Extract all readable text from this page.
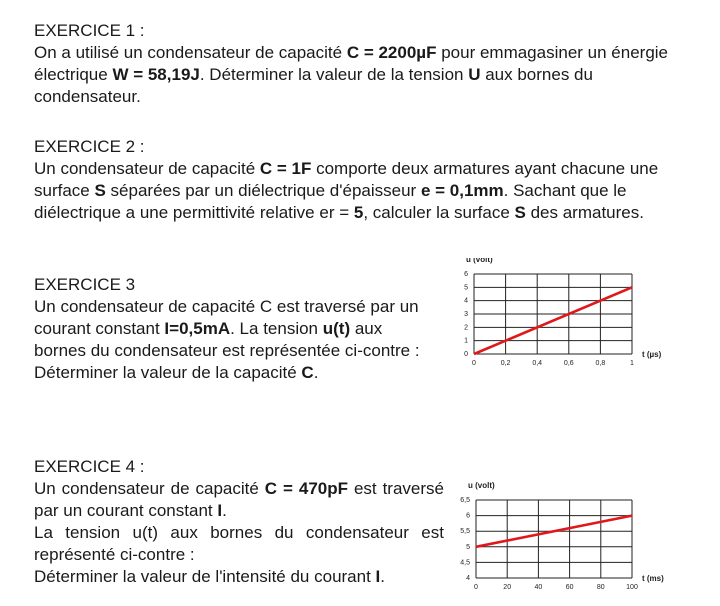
EXERCICE 1 :

On a utilisé un condensateur de capacité C = 2200µF pour emmagasiner un énergie électrique W = 58,19J. Déterminer la valeur de la tension U aux bornes du condensateur.

EXERCICE 2 :

Un condensateur de capacité C = 1F comporte deux armatures ayant chacune une surface S séparées par un diélectrique d'épaisseur e = 0,1mm. Sachant que le diélectrique a une permittivité relative er = 5, calculer la surface S des armatures.

EXERCICE 3

Un condensateur de capacité C est traversé par un courant constant I=0,5mA. La tension u(t) aux bornes du condensateur est représentée ci-contre : Déterminer la valeur de la capacité C.

EXERCICE 4 :

Un condensateur de capacité C = 470pF est traversé par un courant constant I.
La tension u(t) aux bornes du condensateur est représenté ci-contre :
Déterminer la valeur de l'intensité du courant I.

0
1
2
3
4
5
6
0	0,2	0,4	0,6	0,8	1
u (volt)
t (µs)
4
4,5
5
5,5
6
6,5
0	20	40	60	80	100
u (volt)
t (ms)
